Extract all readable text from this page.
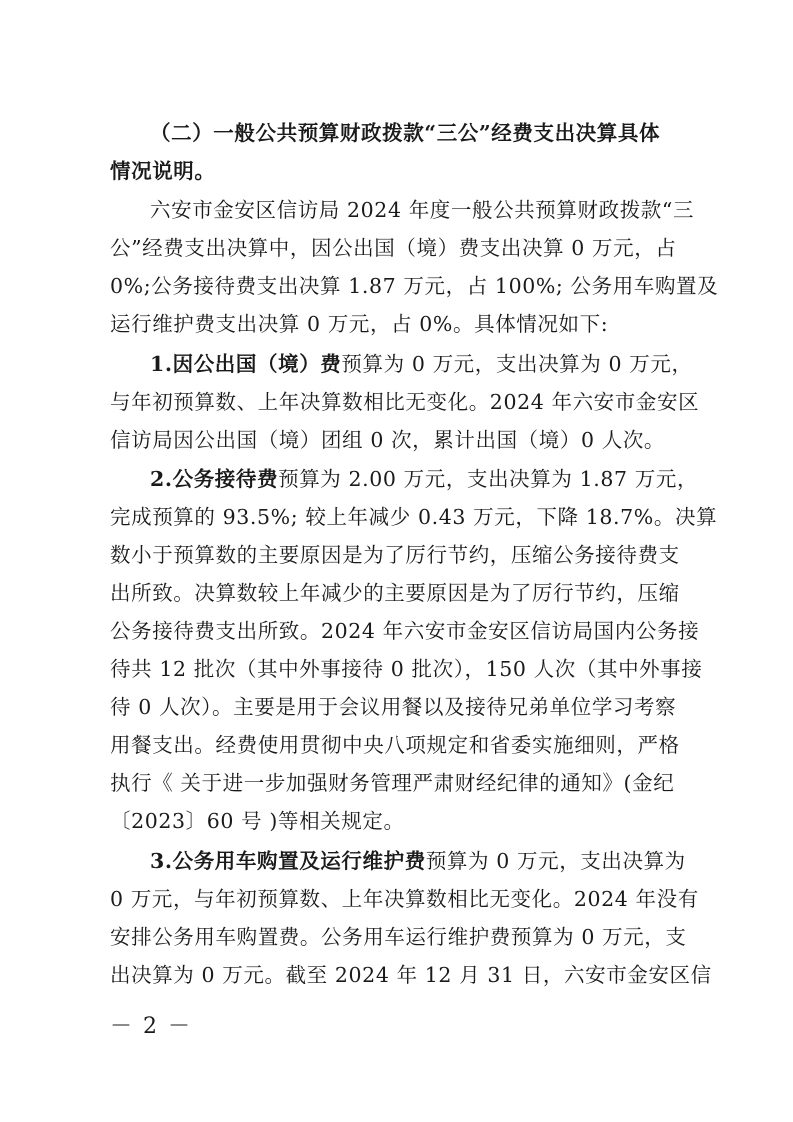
（二）一般公共预算财政拨款“三公”经费支出决算具体
情况说明。
六安市金安区信访局 2024 年度一般公共预算财政拨款“三
公”经费支出决算中，因公出国（境）费支出决算 0 万元，占
0%;公务接待费支出决算 1.87 万元，占 100%; 公务用车购置及
运行维护费支出决算 0 万元，占 0%。具体情况如下:
1.因公出国（境）费预算为 0 万元，支出决算为 0 万元，
与年初预算数、上年决算数相比无变化。2024 年六安市金安区
信访局因公出国（境）团组 0 次，累计出国（境）0 人次。
2.公务接待费预算为 2.00 万元，支出决算为 1.87 万元，
完成预算的 93.5%; 较上年减少 0.43 万元，下降 18.7%。决算
数小于预算数的主要原因是为了厉行节约，压缩公务接待费支
出所致。决算数较上年减少的主要原因是为了厉行节约，压缩
公务接待费支出所致。2024 年六安市金安区信访局国内公务接
待共 12 批次（其中外事接待 0 批次），150 人次（其中外事接
待 0 人次）。主要是用于会议用餐以及接待兄弟单位学习考察
用餐支出。经费使用贯彻中央八项规定和省委实施细则，严格
执行《 关于进一步加强财务管理严肃财经纪律的通知》(金纪
〔2023〕60 号 )等相关规定。
3.公务用车购置及运行维护费预算为 0 万元，支出决算为
0 万元，与年初预算数、上年决算数相比无变化。2024 年没有
安排公务用车购置费。公务用车运行维护费预算为 0 万元，支
出决算为 0 万元。截至 2024 年 12 月 31 日，六安市金安区信
－ 2 －
